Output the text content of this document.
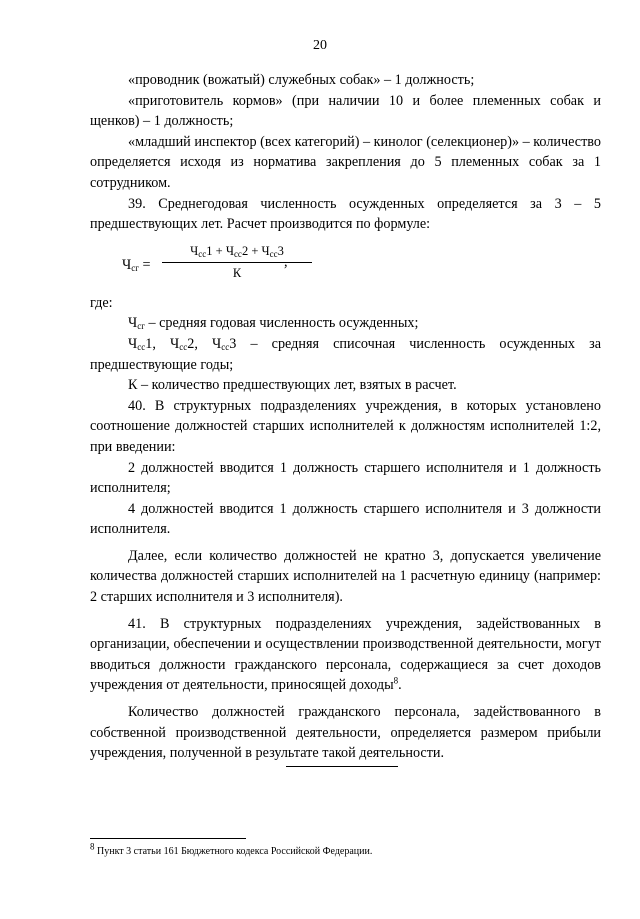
20

«проводник (вожатый) служебных собак» – 1 должность;

«приготовитель кормов» (при наличии 10 и более племенных собак и щенков) – 1 должность;

«младший инспектор (всех категорий) – кинолог (селекционер)» – количество определяется исходя из норматива закрепления до 5 племенных собак за 1 сотрудником.

39. Среднегодовая численность осужденных определяется за 3 – 5 предшествующих лет. Расчет производится по формуле:

$Ч_{сг}$ =
$Ч_{сс}1 + Ч_{сс}2 + Ч_{сс}3$
К
,

где:

$Ч_{сг}$ – средняя годовая численность осужденных;

$Ч_{сс}1$, $Ч_{сс}2$, $Ч_{сс}3$ – средняя списочная численность осужденных за предшествующие годы;

К – количество предшествующих лет, взятых в расчет.

40. В структурных подразделениях учреждения, в которых установлено соотношение должностей старших исполнителей к должностям исполнителей 1:2, при введении:

2 должностей вводится 1 должность старшего исполнителя и 1 должность исполнителя;

4 должностей вводится 1 должность старшего исполнителя и 3 должности исполнителя.

Далее, если количество должностей не кратно 3, допускается увеличение количества должностей старших исполнителей на 1 расчетную единицу (например: 2 старших исполнителя и 3 исполнителя).

41. В структурных подразделениях учреждения, задействованных в организации, обеспечении и осуществлении производственной деятельности, могут вводиться должности гражданского персонала, содержащиеся за счет доходов учреждения от деятельности, приносящей доходы$^8$.

Количество должностей гражданского персонала, задействованного в собственной производственной деятельности, определяется размером прибыли учреждения, полученной в результате такой деятельности.

$^8$ Пункт 3 статьи 161 Бюджетного кодекса Российской Федерации.
